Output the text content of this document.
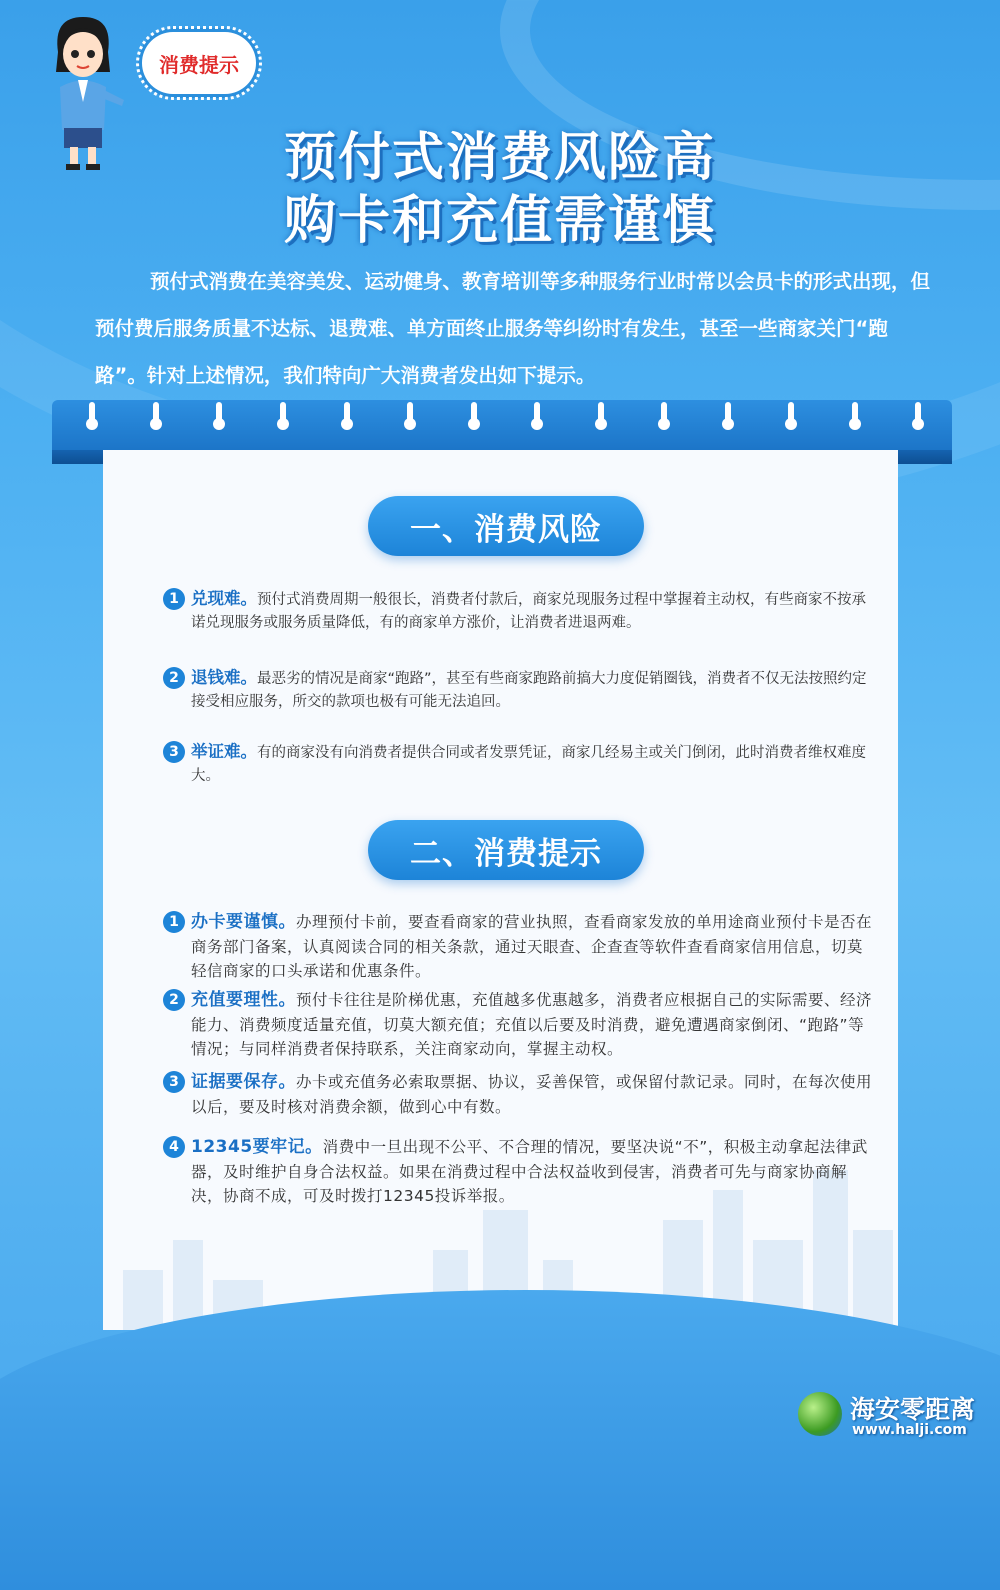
消费提示
预付式消费风险高
购卡和充值需谨慎
预付式消费在美容美发、运动健身、教育培训等多种服务行业时常以会员卡的形式出现，但预付费后服务质量不达标、退费难、单方面终止服务等纠纷时有发生，甚至一些商家关门“跑路”。针对上述情况，我们特向广大消费者发出如下提示。
一、消费风险
1 兑现难。预付式消费周期一般很长，消费者付款后，商家兑现服务过程中掌握着主动权，有些商家不按承诺兑现服务或服务质量降低，有的商家单方涨价，让消费者进退两难。
2 退钱难。最恶劣的情况是商家“跑路”，甚至有些商家跑路前搞大力度促销圈钱，消费者不仅无法按照约定接受相应服务，所交的款项也极有可能无法追回。
3 举证难。有的商家没有向消费者提供合同或者发票凭证，商家几经易主或关门倒闭，此时消费者维权难度大。
二、消费提示
1 办卡要谨慎。办理预付卡前，要查看商家的营业执照，查看商家发放的单用途商业预付卡是否在商务部门备案，认真阅读合同的相关条款，通过天眼查、企查查等软件查看商家信用信息，切莫轻信商家的口头承诺和优惠条件。
2 充值要理性。预付卡往往是阶梯优惠，充值越多优惠越多，消费者应根据自己的实际需要、经济能力、消费频度适量充值，切莫大额充值；充值以后要及时消费，避免遭遇商家倒闭、“跑路”等情况；与同样消费者保持联系，关注商家动向，掌握主动权。
3 证据要保存。办卡或充值务必索取票据、协议，妥善保管，或保留付款记录。同时，在每次使用以后，要及时核对消费余额，做到心中有数。
4 12345要牢记。消费中一旦出现不公平、不合理的情况，要坚决说“不”，积极主动拿起法律武器，及时维护自身合法权益。如果在消费过程中合法权益收到侵害，消费者可先与商家协商解决，协商不成，可及时拨打12345投诉举报。
海安零距离
www.halji.com
